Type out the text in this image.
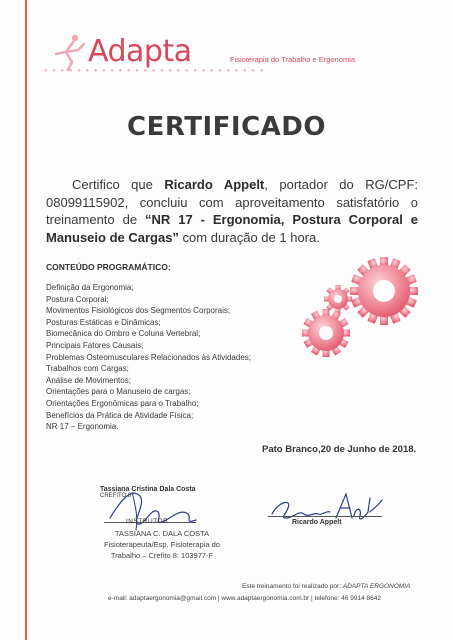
Adapta	Fisioterapia do Trabalho e Ergonomia
● ● ● ● ● ● ● ● ● ● ● ● ● ● ● ● ● ● ● ● ● ● ● ● ● ● ●
CERTIFICADO
Certifico que Ricardo Appelt, portador do RG/CPF: 08099115902, concluiu com aproveitamento satisfatório o treinamento de “NR 17 - Ergonomia, Postura Corporal e Manuseio de Cargas” com duração de 1 hora.
CONTEÚDO PROGRAMÁTICO:
Definição da Ergonomia;
Postura Corporal;
Movimentos Fisiológicos dos Segmentos Corporais;
Posturas Estáticas e Dinâmicas;
Biomecânica do Ombro e Coluna Vertebral;
Principais Fatores Causais;
Problemas Osteomusculares Relacionados às Atividades;
Trabalhos com Cargas;
Análise de Movimentos;
Orientações para o Manuseio de cargas;
Orientações Ergonômicas para o Trabalho;
Benefícios da Prática de Atividade Física;
NR 17 – Ergonomia.
Pato Branco,20 de Junho de 2018.
Tassiana Cristina Dala Costa
CREFITO 8
INSTRUTOR
TASSIANA C. DALA COSTA
Fisioterapeuta/Esp. Fisioterapia do Trabalho – Crefito 8: 103977-F
Ricardo Appelt
Este treinamento foi realizado por: ADAPTA ERGONOMIA
e-mail: adaptaergonomia@gmail.com | www.adaptaergonomia.com.br | telefone: 46 9914 8642
